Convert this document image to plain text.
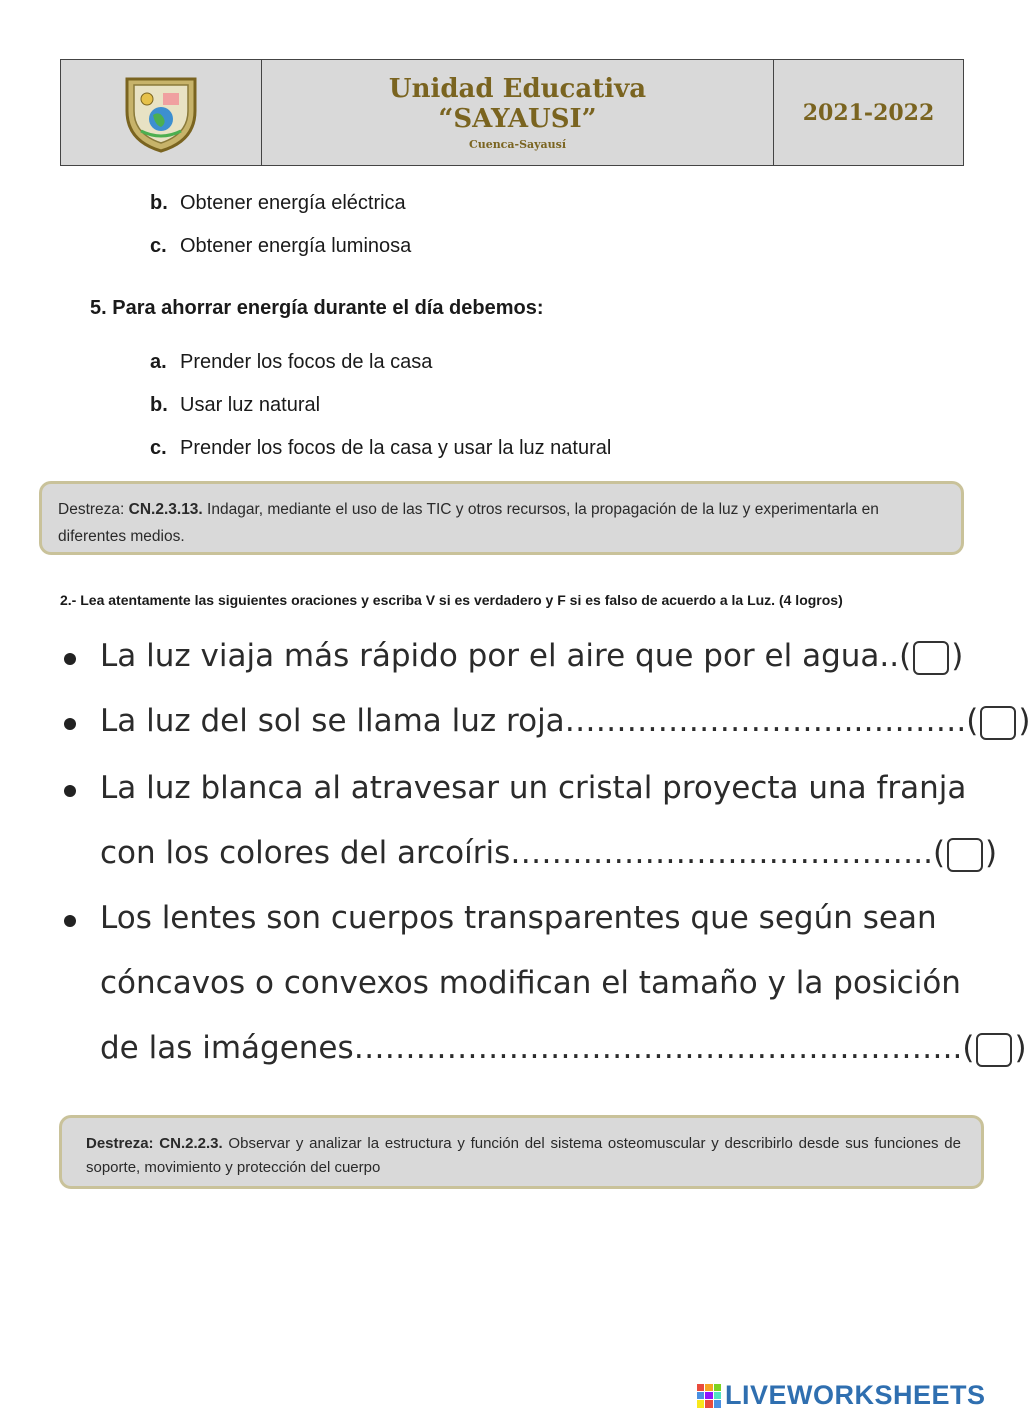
Unidad Educativa
“SAYAUSI”
Cuenca-Sayausí
2021-2022
b. Obtener energía eléctrica
c. Obtener energía luminosa
5. Para ahorrar energía durante el día debemos:
a. Prender los focos de la casa
b. Usar luz natural
c. Prender los focos de la casa y usar la luz natural
Destreza: CN.2.3.13. Indagar, mediante el uso de las TIC y otros recursos, la propagación de la luz y experimentarla en diferentes medios.
2.- Lea atentamente las siguientes oraciones y escriba V si es verdadero y F si es falso de acuerdo a la Luz. (4 logros)
La luz viaja más rápido por el aire que por el agua..( )
La luz del sol se llama luz roja………………………..……….( )
La luz blanca al atravesar un cristal proyecta una franja
con los colores del arcoíris…………………………………..( )
Los lentes son cuerpos transparentes que según sean
cóncavos o convexos modifican el tamaño y la posición
de las imágenes…………………………………………………..( )
Destreza: CN.2.2.3. Observar y analizar la estructura y función del sistema osteomuscular y describirlo desde sus funciones de soporte, movimiento y protección del cuerpo
LIVEWORKSHEETS
